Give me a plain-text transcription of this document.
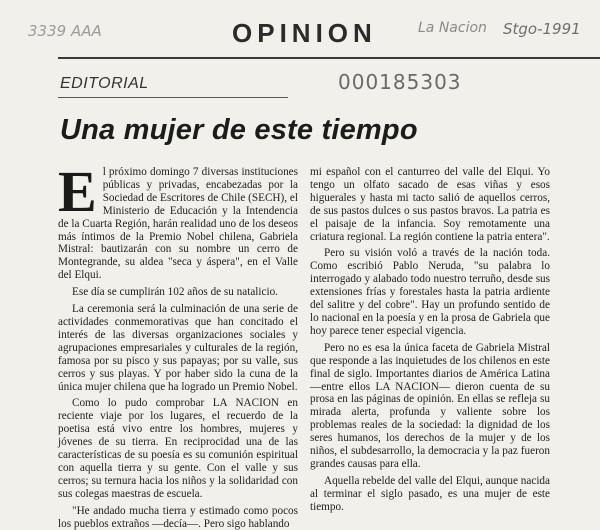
3339 AAA	La Nacion Stgo-1991
OPINION
EDITORIAL	000185303
Una mujer de este tiempo

El próximo domingo 7 diversas instituciones públicas y privadas, encabezadas por la Sociedad de Escritores de Chile (SECH), el Ministerio de Educación y la Intendencia de la Cuarta Región, harán realidad uno de los deseos más íntimos de la Premio Nobel chilena, Gabriela Mistral: bautizarán con su nombre un cerro de Montegrande, su aldea "seca y áspera", en el Valle del Elqui.

Ese día se cumplirán 102 años de su natalicio.

La ceremonia será la culminación de una serie de actividades conmemorativas que han concitado el interés de las diversas organizaciones sociales y agrupaciones empresariales y culturales de la región, famosa por su pisco y sus papayas; por su valle, sus cerros y sus playas. Y por haber sido la cuna de la única mujer chilena que ha logrado un Premio Nobel.

Como lo pudo comprobar LA NACION en reciente viaje por los lugares, el recuerdo de la poetisa está vivo entre los hombres, mujeres y jóvenes de su tierra. En reciprocidad una de las características de su poesía es su comunión espiritual con aquella tierra y su gente. Con el valle y sus cerros; su ternura hacia los niños y la solidaridad con sus colegas maestras de escuela.

"He andado mucha tierra y estimado como pocos los pueblos extraños —decía—. Pero sigo hablando

mi español con el canturreo del valle del Elqui. Yo tengo un olfato sacado de esas viñas y esos higuerales y hasta mi tacto salió de aquellos cerros, de sus pastos dulces o sus pastos bravos. La patria es el paisaje de la infancia. Soy remotamente una criatura regional. La región contiene la patria entera".

Pero su visión voló a través de la nación toda. Como escribió Pablo Neruda, "su palabra lo interrogado y alabado todo nuestro terruño, desde sus extensiones frías y forestales hasta la patria ardiente del salitre y del cobre". Hay un profundo sentido de lo nacional en la poesía y en la prosa de Gabriela que hoy parece tener especial vigencia.

Pero no es esa la única faceta de Gabriela Mistral que responde a las inquietudes de los chilenos en este final de siglo. Importantes diarios de América Latina —entre ellos LA NACION— dieron cuenta de su prosa en las páginas de opinión. En ellas se refleja su mirada alerta, profunda y valiente sobre los problemas reales de la sociedad: la dignidad de los seres humanos, los derechos de la mujer y de los niños, el subdesarrollo, la democracia y la paz fueron grandes causas para ella.

Aquella rebelde del valle del Elqui, aunque nacida al terminar el siglo pasado, es una mujer de este tiempo.
